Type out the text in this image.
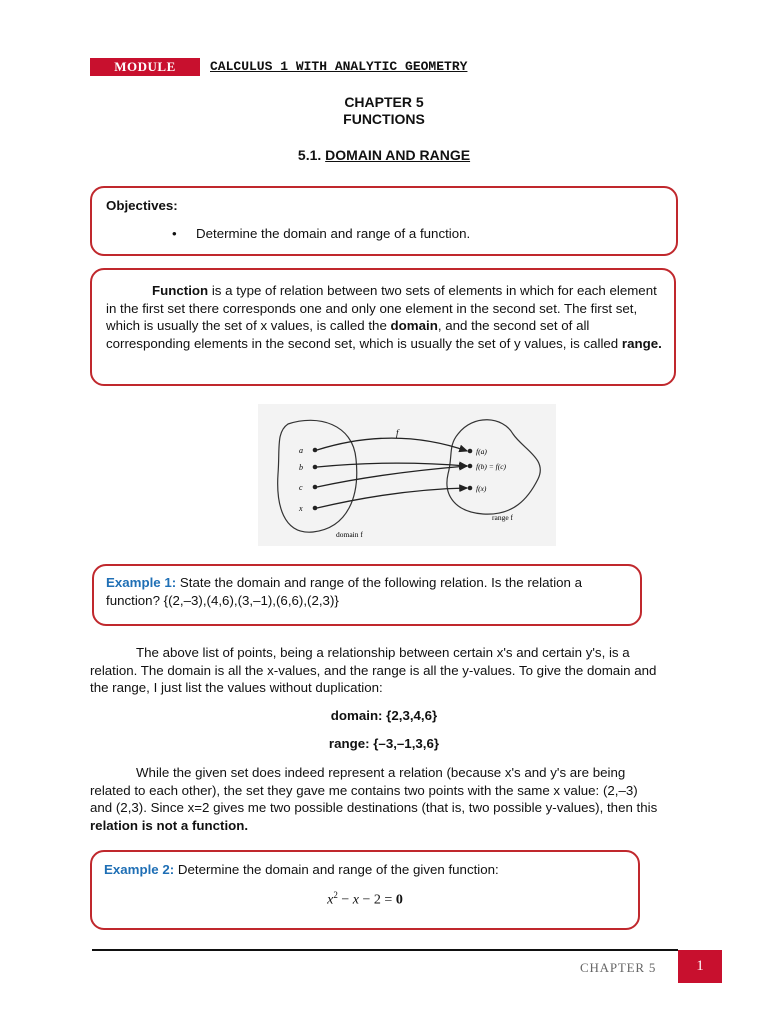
MODULE	CALCULUS 1 WITH ANALYTIC GEOMETRY
CHAPTER 5
FUNCTIONS
5.1. DOMAIN AND RANGE
Objectives:
• Determine the domain and range of a function.
Function is a type of relation between two sets of elements in which for each element in the first set there corresponds one and only one element in the second set. The first set, which is usually the set of x values, is called the domain, and the second set of all corresponding elements in the second set, which is usually the set of y values, is called range.
f
a
b
c
x
f(a)
f(b) = f(c)
f(x)
domain f
range f
Example 1: State the domain and range of the following relation. Is the relation a function? {(2,–3),(4,6),(3,–1),(6,6),(2,3)}
The above list of points, being a relationship between certain x's and certain y's, is a relation. The domain is all the x-values, and the range is all the y-values. To give the domain and the range, I just list the values without duplication:
domain: {2,3,4,6}
range: {–3,–1,3,6}
While the given set does indeed represent a relation (because x's and y's are being related to each other), the set they gave me contains two points with the same x value: (2,–3) and (2,3). Since x=2 gives me two possible destinations (that is, two possible y-values), then this relation is not a function.
Example 2: Determine the domain and range of the given function:
$x^2 - x - 2 = 0$
CHAPTER 5	1
